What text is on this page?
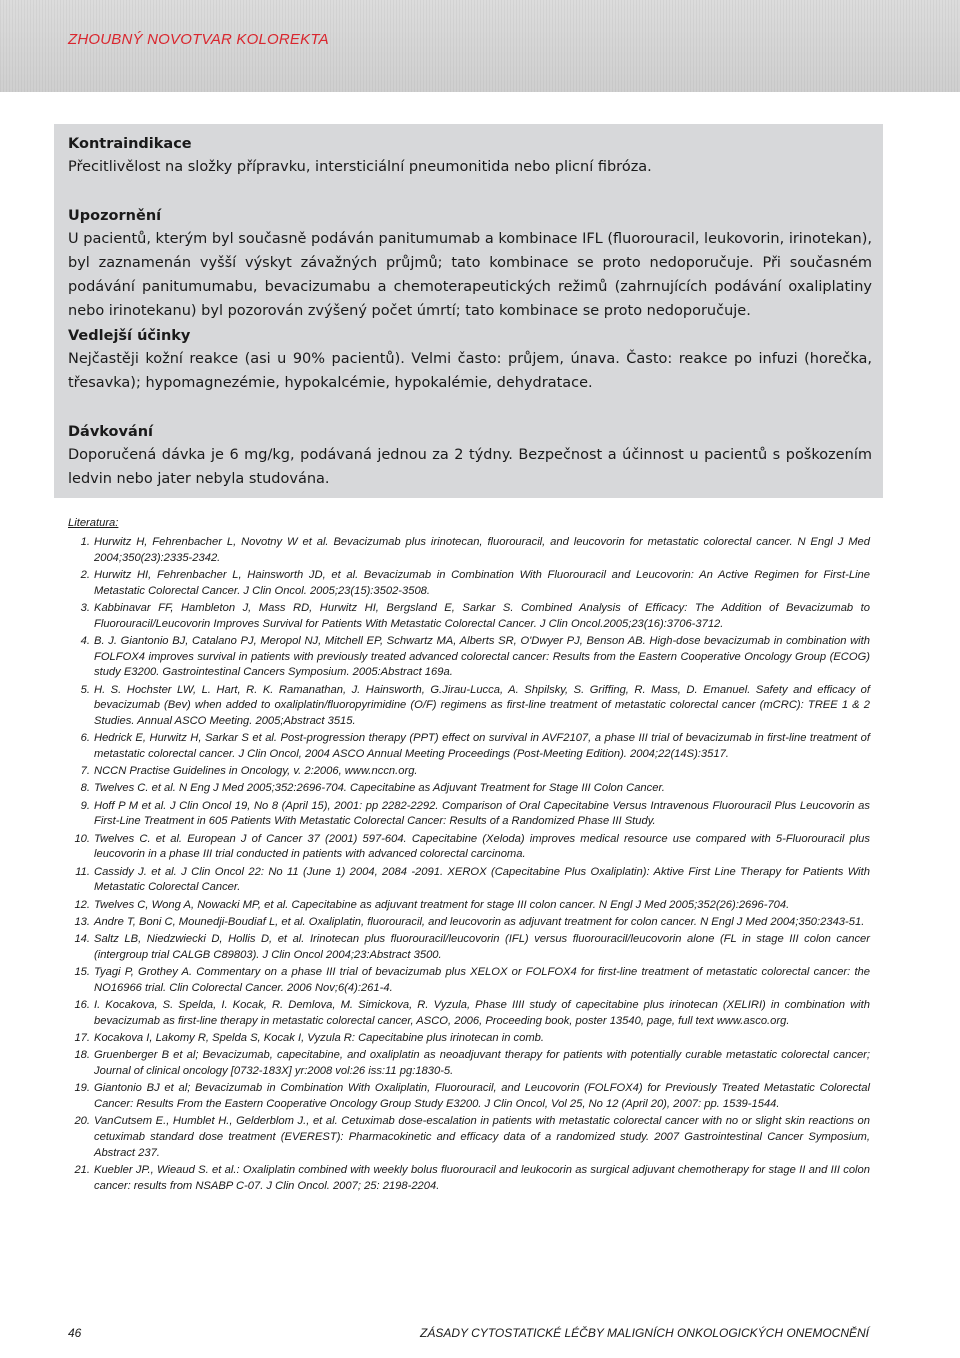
ZHOUBNÝ NOVOTVAR KOLOREKTA
Kontraindikace
Přecitlivělost na složky přípravku, intersticiální pneumonitida nebo plicní fibróza.
Upozornění
U pacientů, kterým byl současně podáván panitumumab a kombinace IFL (fluorouracil, leukovorin, irinotekan), byl zaznamenán vyšší výskyt závažných průjmů; tato kombinace se proto nedoporučuje. Při současném podávání panitumumabu, bevacizumabu a chemoterapeutických režimů (zahrnujících podávání oxaliplatiny nebo irinotekanu) byl pozorován zvýšený počet úmrtí; tato kombinace se proto nedoporučuje.
Vedlejší účinky
Nejčastěji kožní reakce (asi u 90% pacientů). Velmi často: průjem, únava. Často: reakce po infuzi (horečka, třesavka); hypomagnezémie, hypokalcémie, hypokalémie, dehydratace.
Dávkování
Doporučená dávka je 6 mg/kg, podávaná jednou za 2 týdny. Bezpečnost a účinnost u pacientů s poškozením ledvin nebo jater nebyla studována.
Literatura:
1. Hurwitz H, Fehrenbacher L, Novotny W et al. Bevacizumab plus irinotecan, fluorouracil, and leucovorin for metastatic colorectal cancer. N Engl J Med 2004;350(23):2335-2342.
2. Hurwitz HI, Fehrenbacher L, Hainsworth JD, et al. Bevacizumab in Combination With Fluorouracil and Leucovorin: An Active Regimen for First-Line Metastatic Colorectal Cancer. J Clin Oncol. 2005;23(15):3502-3508.
3. Kabbinavar FF, Hambleton J, Mass RD, Hurwitz HI, Bergsland E, Sarkar S. Combined Analysis of Efficacy: The Addition of Bevacizumab to Fluorouracil/Leucovorin Improves Survival for Patients With Metastatic Colorectal Cancer. J Clin Oncol.2005;23(16):3706-3712.
4. B. J. Giantonio BJ, Catalano PJ, Meropol NJ, Mitchell EP, Schwartz MA, Alberts SR, O'Dwyer PJ, Benson AB. High-dose bevacizumab in combination with FOLFOX4 improves survival in patients with previously treated advanced colorectal cancer: Results from the Eastern Cooperative Oncology Group (ECOG) study E3200. Gastrointestinal Cancers Symposium. 2005:Abstract 169a.
5. H. S. Hochster LW, L. Hart, R. K. Ramanathan, J. Hainsworth, G.Jirau-Lucca, A. Shpilsky, S. Griffing, R. Mass, D. Emanuel. Safety and efficacy of bevacizumab (Bev) when added to oxaliplatin/fluoropyrimidine (O/F) regimens as first-line treatment of metastatic colorectal cancer (mCRC): TREE 1 & 2 Studies. Annual ASCO Meeting. 2005;Abstract 3515.
6. Hedrick E, Hurwitz H, Sarkar S et al. Post-progression therapy (PPT) effect on survival in AVF2107, a phase III trial of bevacizumab in first-line treatment of metastatic colorectal cancer. J Clin Oncol, 2004 ASCO Annual Meeting Proceedings (Post-Meeting Edition). 2004;22(14S):3517.
7. NCCN Practise Guidelines in Oncology, v. 2:2006, www.nccn.org.
8. Twelves C. et al. N Eng J Med 2005;352:2696-704. Capecitabine as Adjuvant Treatment for Stage III Colon Cancer.
9. Hoff P M et al. J Clin Oncol 19, No 8 (April 15), 2001: pp 2282-2292. Comparison of Oral Capecitabine Versus Intravenous Fluorouracil Plus Leucovorin as First-Line Treatment in 605 Patients With Metastatic Colorectal Cancer: Results of a Randomized Phase III Study.
10. Twelves C. et al. European J of Cancer 37 (2001) 597-604. Capecitabine (Xeloda) improves medical resource use compared with 5-Fluorouracil plus leucovorin in a phase III trial conducted in patients with advanced colorectal carcinoma.
11. Cassidy J. et al. J Clin Oncol 22: No 11 (June 1) 2004, 2084 -2091. XEROX (Capecitabine Plus Oxaliplatin): Aktive First Line Therapy for Patients With Metastatic Colorectal Cancer.
12. Twelves C, Wong A, Nowacki MP, et al. Capecitabine as adjuvant treatment for stage III colon cancer. N Engl J Med 2005;352(26):2696-704.
13. Andre T, Boni C, Mounedji-Boudiaf L, et al. Oxaliplatin, fluorouracil, and leucovorin as adjuvant treatment for colon cancer. N Engl J Med 2004;350:2343-51.
14. Saltz LB, Niedzwiecki D, Hollis D, et al. Irinotecan plus fluorouracil/leucovorin (IFL) versus fluorouracil/leucovorin alone (FL in stage III colon cancer (intergroup trial CALGB C89803). J Clin Oncol 2004;23:Abstract 3500.
15. Tyagi P, Grothey A. Commentary on a phase III trial of bevacizumab plus XELOX or FOLFOX4 for first-line treatment of metastatic colorectal cancer: the NO16966 trial. Clin Colorectal Cancer. 2006 Nov;6(4):261-4.
16. I. Kocakova, S. Spelda, I. Kocak, R. Demlova, M. Simickova, R. Vyzula, Phase IIII study of capecitabine plus irinotecan (XELIRI) in combination with bevacizumab as first-line therapy in metastatic colorectal cancer, ASCO, 2006, Proceeding book, poster 13540, page, full text www.asco.org.
17. Kocakova I, Lakomy R, Spelda S, Kocak I, Vyzula R: Capecitabine plus irinotecan in comb.
18. Gruenberger B et al; Bevacizumab, capecitabine, and oxaliplatin as neoadjuvant therapy for patients with potentially curable metastatic colorectal cancer; Journal of clinical oncology [0732-183X] yr:2008 vol:26 iss:11 pg:1830-5.
19. Giantonio BJ et al; Bevacizumab in Combination With Oxaliplatin, Fluorouracil, and Leucovorin (FOLFOX4) for Previously Treated Metastatic Colorectal Cancer: Results From the Eastern Cooperative Oncology Group Study E3200. J Clin Oncol, Vol 25, No 12 (April 20), 2007: pp. 1539-1544.
20. VanCutsem E., Humblet H., Gelderblom J., et al. Cetuximab dose-escalation in patients with metastatic colorectal cancer with no or slight skin reactions on cetuximab standard dose treatment (EVEREST): Pharmacokinetic and efficacy data of a randomized study. 2007 Gastrointestinal Cancer Symposium, Abstract 237.
21. Kuebler JP., Wieaud S. et al.: Oxaliplatin combined with weekly bolus fluorouracil and leukocorin as surgical adjuvant chemotherapy for stage II and III colon cancer: results from NSABP C-07. J Clin Oncol. 2007; 25: 2198-2204.
46	ZÁSADY CYTOSTATICKÉ LÉČBY MALIGNÍCH ONKOLOGICKÝCH ONEMOCNĚNÍ
